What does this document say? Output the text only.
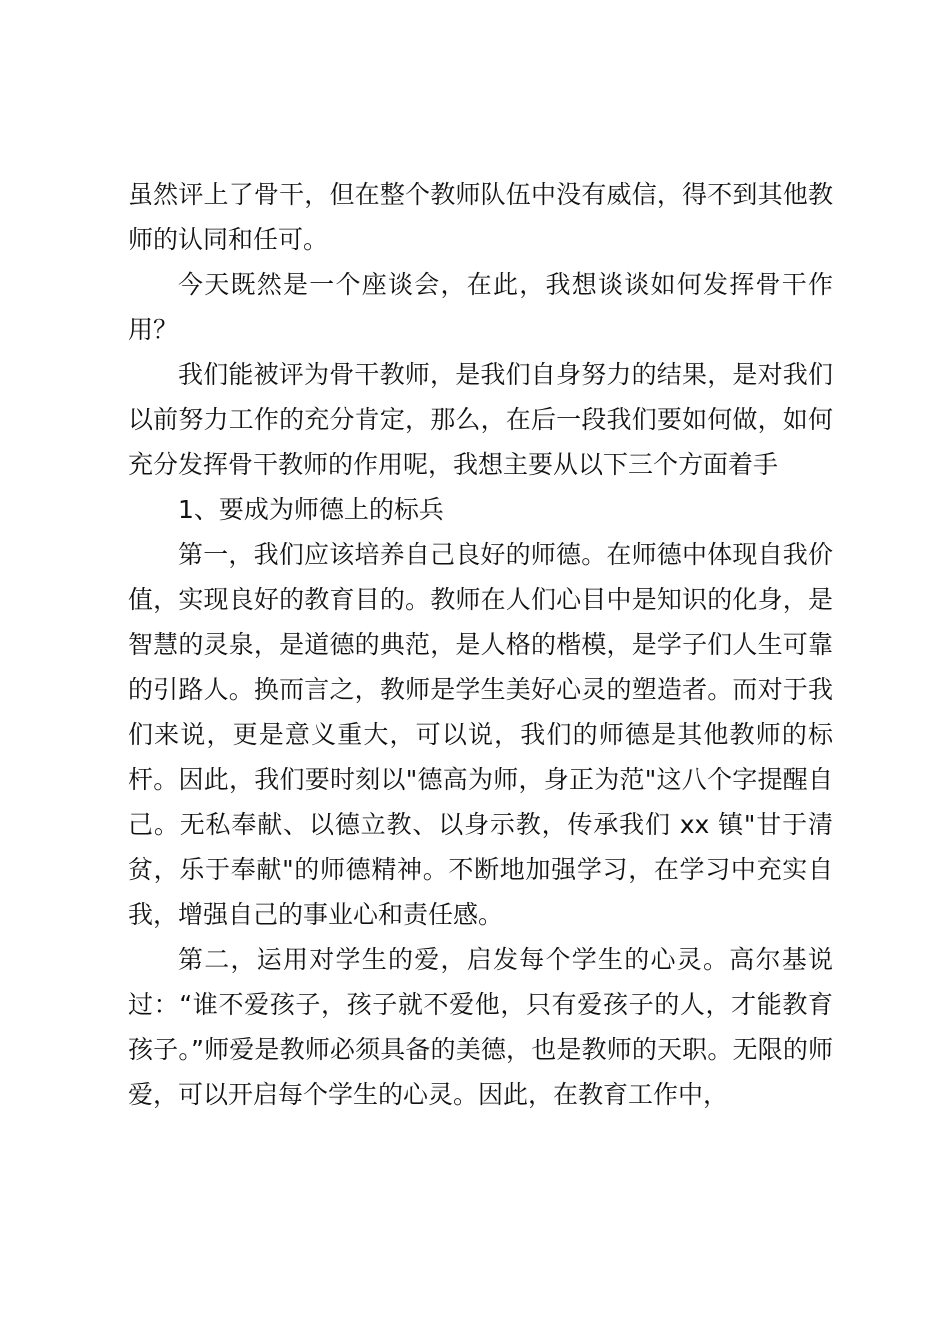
虽然评上了骨干，但在整个教师队伍中没有威信，得不到其他教师的认同和任可。

今天既然是一个座谈会，在此，我想谈谈如何发挥骨干作用？

我们能被评为骨干教师，是我们自身努力的结果，是对我们以前努力工作的充分肯定，那么，在后一段我们要如何做，如何充分发挥骨干教师的作用呢，我想主要从以下三个方面着手

1、要成为师德上的标兵

第一，我们应该培养自己良好的师德。在师德中体现自我价值，实现良好的教育目的。教师在人们心目中是知识的化身，是智慧的灵泉，是道德的典范，是人格的楷模，是学子们人生可靠的引路人。换而言之，教师是学生美好心灵的塑造者。而对于我们来说，更是意义重大，可以说，我们的师德是其他教师的标杆。因此，我们要时刻以"德高为师，身正为范"这八个字提醒自己。无私奉献、以德立教、以身示教，传承我们 xx 镇"甘于清贫，乐于奉献"的师德精神。不断地加强学习，在学习中充实自我，增强自己的事业心和责任感。

第二，运用对学生的爱，启发每个学生的心灵。高尔基说过：“谁不爱孩子，孩子就不爱他，只有爱孩子的人，才能教育孩子。”师爱是教师必须具备的美德，也是教师的天职。无限的师爱，可以开启每个学生的心灵。因此，在教育工作中，
